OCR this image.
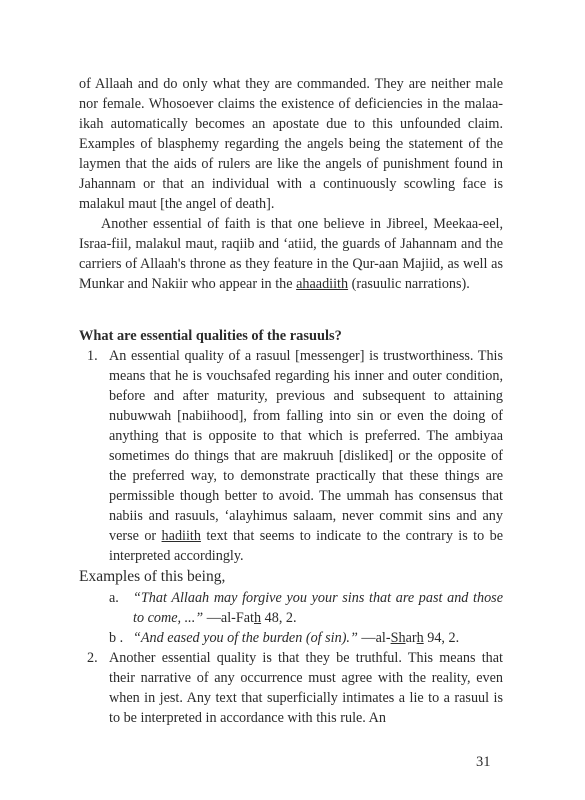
of Allaah and do only what they are commanded. They are neither male nor female. Whosoever claims the existence of deficiencies in the malaa-ikah automatically becomes an apostate due to this unfounded claim. Examples of blasphemy regarding the angels being the statement of the laymen that the aids of rulers are like the angels of punishment found in Jahannam or that an individual with a continuously scowling face is malakul maut [the angel of death].

Another essential of faith is that one believe in Jibreel, Meekaa-eel, Israa-fiil, malakul maut, raqiib and ‘atiid, the guards of Jahannam and the carriers of Allaah's throne as they feature in the Qur-aan Majiid, as well as Munkar and Nakiir who appear in the ahaadiith (rasuulic narrations).

What are essential qualities of the rasuuls?
1. An essential quality of a rasuul [messenger] is trustworthiness. This means that he is vouchsafed regarding his inner and outer condition, before and after maturity, previous and subsequent to attaining nubuwwah [nabiihood], from falling into sin or even the doing of anything that is opposite to that which is preferred. The ambiyaa sometimes do things that are makruuh [disliked] or the opposite of the preferred way, to demonstrate practically that these things are permissible though better to avoid. The ummah has consensus that nabiis and rasuuls, ‘alayhimus salaam, never commit sins and any verse or hadiith text that seems to indicate to the contrary is to be interpreted accordingly.
Examples of this being,
a. “That Allaah may forgive you your sins that are past and those to come, ...” —al-Fath 48, 2.
b . “And eased you of the burden (of sin).” —al-Sharh 94, 2.
2. Another essential quality is that they be truthful. This means that their narrative of any occurrence must agree with the reality, even when in jest. Any text that superficially intimates a lie to a rasuul is to be interpreted in accordance with this rule. An
31
